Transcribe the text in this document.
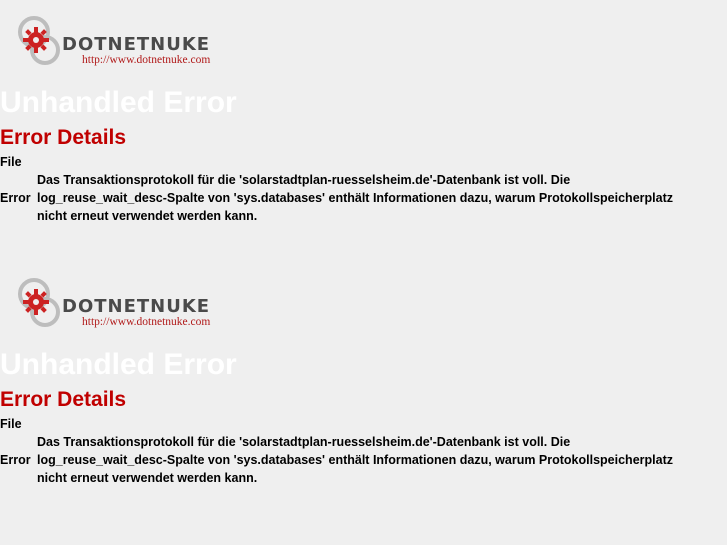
DOTNETNUKE
http://www.dotnetnuke.com
Unhandled Error
Error Details
File
Error
Das Transaktionsprotokoll für die 'solarstadtplan-ruesselsheim.de'-Datenbank ist voll. Die
log_reuse_wait_desc-Spalte von 'sys.databases' enthält Informationen dazu, warum Protokollspeicherplatz
nicht erneut verwendet werden kann.
DOTNETNUKE
http://www.dotnetnuke.com
Unhandled Error
Error Details
File
Error
Das Transaktionsprotokoll für die 'solarstadtplan-ruesselsheim.de'-Datenbank ist voll. Die
log_reuse_wait_desc-Spalte von 'sys.databases' enthält Informationen dazu, warum Protokollspeicherplatz
nicht erneut verwendet werden kann.
